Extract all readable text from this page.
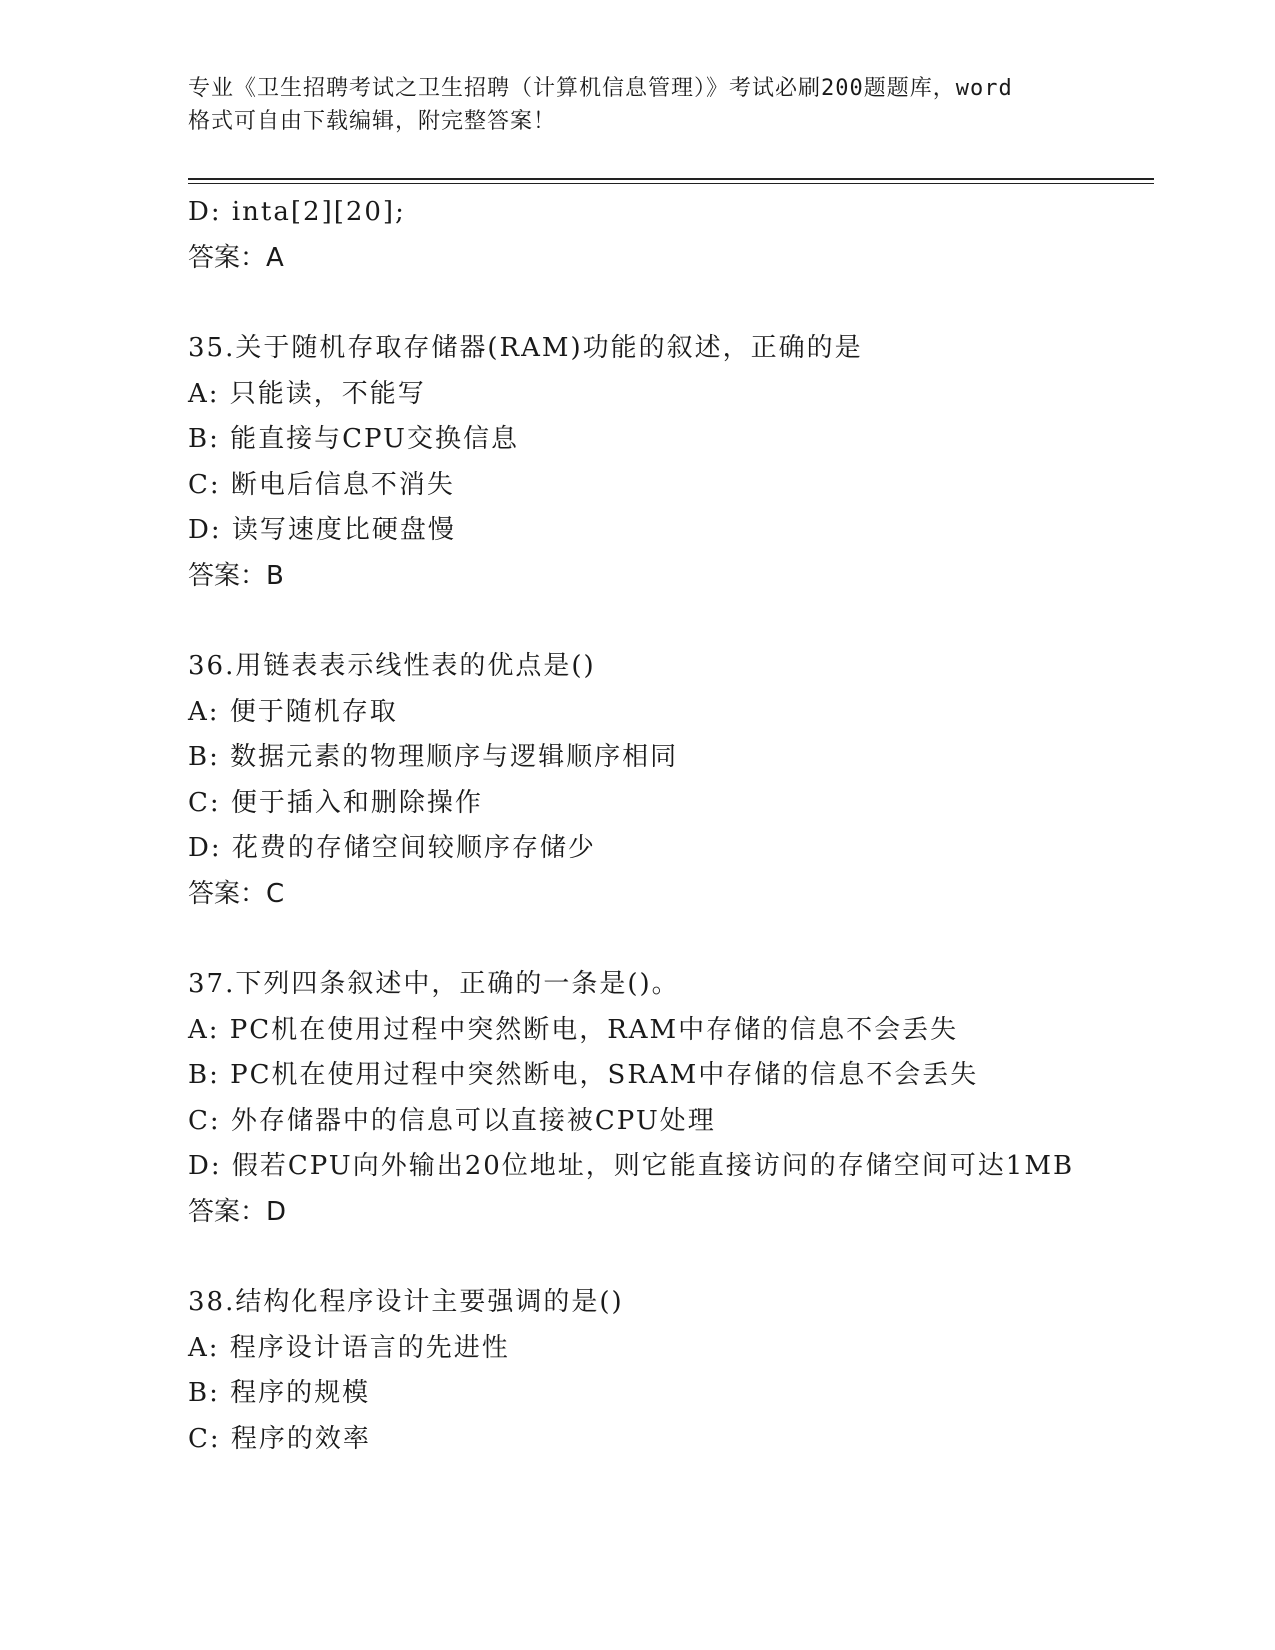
专业《卫生招聘考试之卫生招聘（计算机信息管理）》考试必刷200题题库，word
格式可自由下载编辑，附完整答案！
D: inta[2][20];
答案：A
35.关于随机存取存储器(RAM)功能的叙述，正确的是
A: 只能读，不能写
B: 能直接与CPU交换信息
C: 断电后信息不消失
D: 读写速度比硬盘慢
答案：B
36.用链表表示线性表的优点是()
A: 便于随机存取
B: 数据元素的物理顺序与逻辑顺序相同
C: 便于插入和删除操作
D: 花费的存储空间较顺序存储少
答案：C
37.下列四条叙述中，正确的一条是()。
A: PC机在使用过程中突然断电，RAM中存储的信息不会丢失
B: PC机在使用过程中突然断电，SRAM中存储的信息不会丢失
C: 外存储器中的信息可以直接被CPU处理
D: 假若CPU向外输出20位地址，则它能直接访问的存储空间可达1MB
答案：D
38.结构化程序设计主要强调的是()
A: 程序设计语言的先进性
B: 程序的规模
C: 程序的效率
